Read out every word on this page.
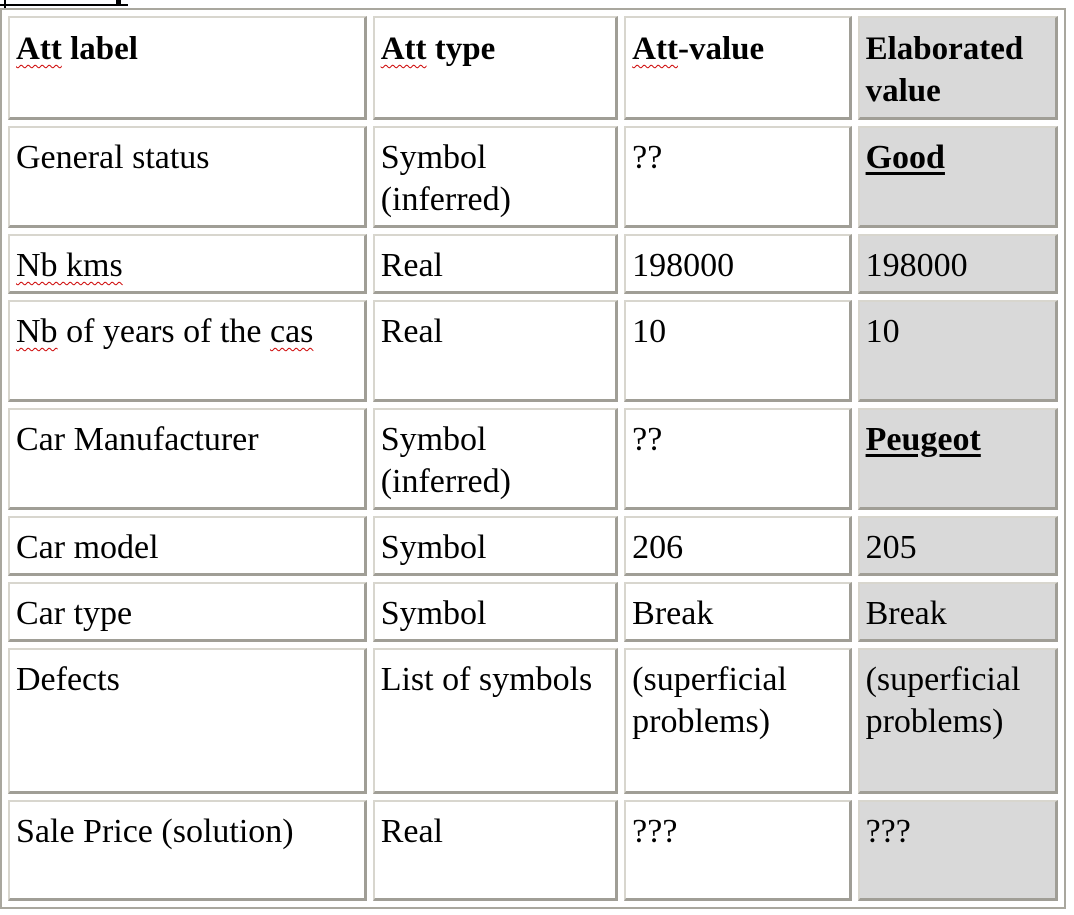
Att label	Att type	Att-value	Elaborated value
General status	Symbol (inferred)	??	Good
Nb kms	Real	198000	198000
Nb of years of the cas	Real	10	10
Car Manufacturer	Symbol (inferred)	??	Peugeot
Car model	Symbol	206	205
Car type	Symbol	Break	Break
Defects	List of symbols	(superficial problems)	(superficial problems)
Sale Price (solution)	Real	???	???
